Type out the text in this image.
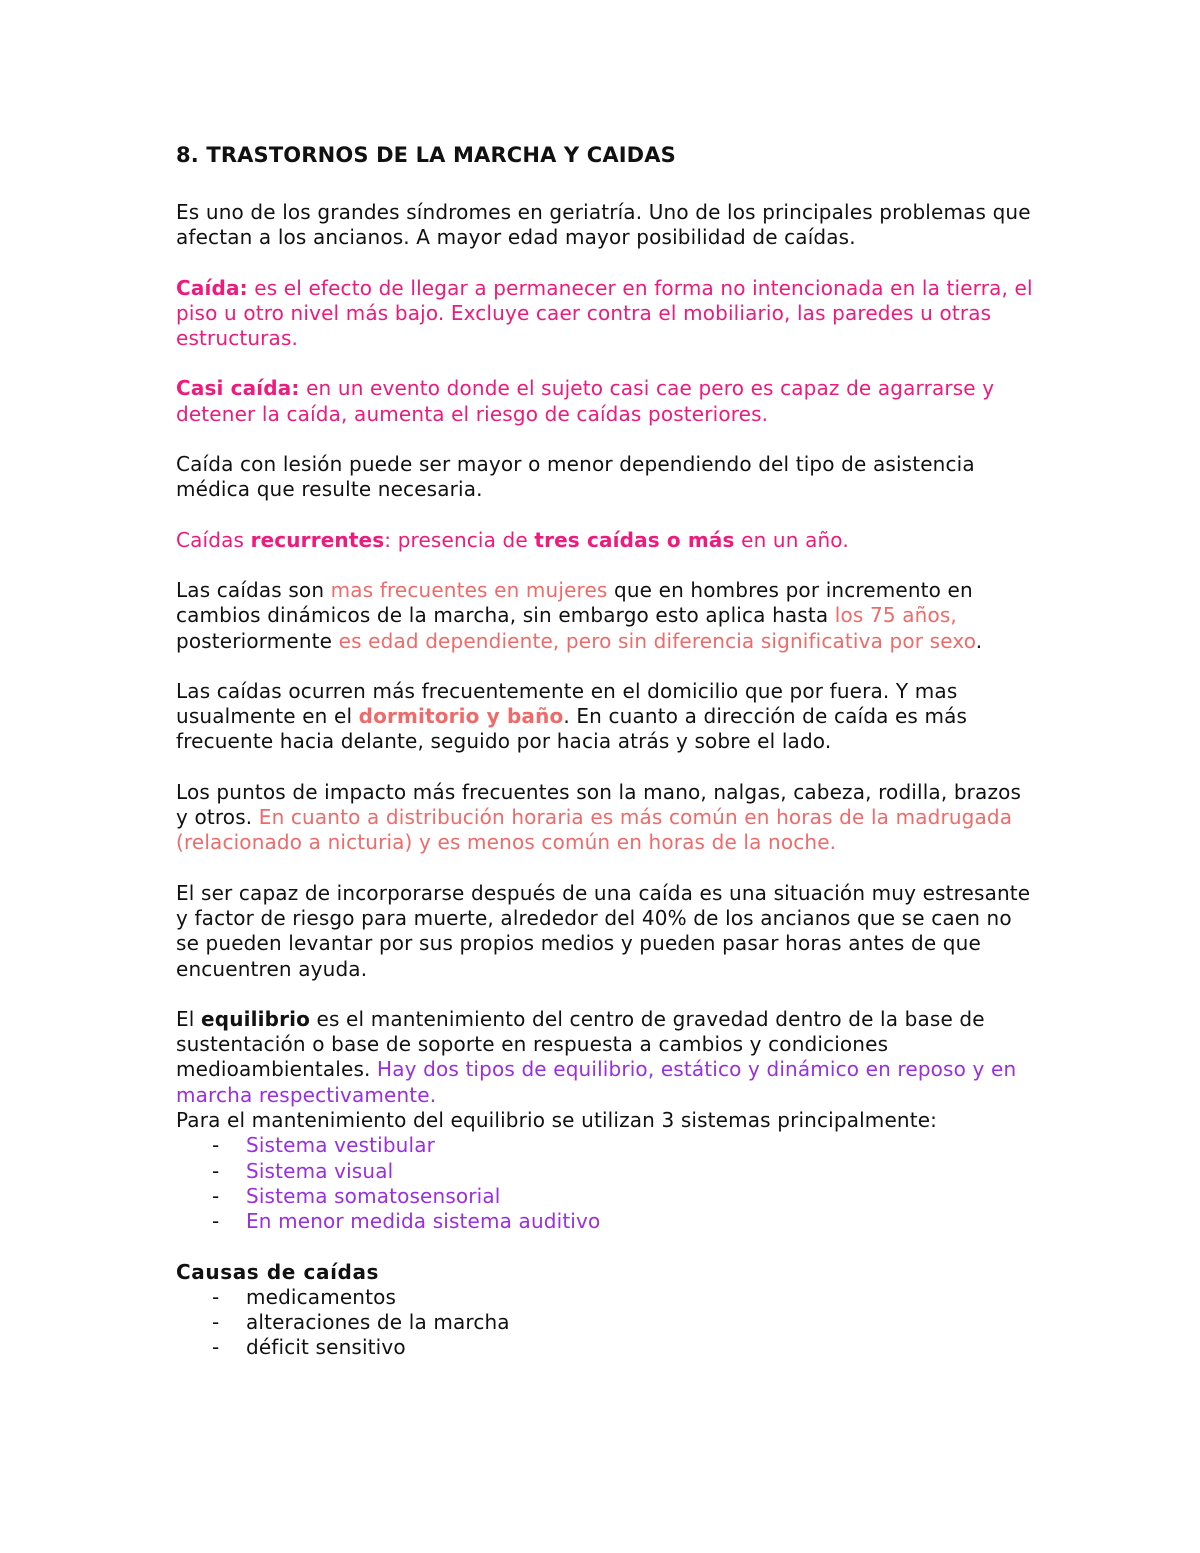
8. TRASTORNOS DE LA MARCHA Y CAIDAS

Es uno de los grandes síndromes en geriatría. Uno de los principales problemas que afectan a los ancianos. A mayor edad mayor posibilidad de caídas.

Caída: es el efecto de llegar a permanecer en forma no intencionada en la tierra, el piso u otro nivel más bajo. Excluye caer contra el mobiliario, las paredes u otras estructuras.

Casi caída: en un evento donde el sujeto casi cae pero es capaz de agarrarse y detener la caída, aumenta el riesgo de caídas posteriores.

Caída con lesión puede ser mayor o menor dependiendo del tipo de asistencia médica que resulte necesaria.

Caídas recurrentes: presencia de tres caídas o más en un año.

Las caídas son mas frecuentes en mujeres que en hombres por incremento en cambios dinámicos de la marcha, sin embargo esto aplica hasta los 75 años, posteriormente es edad dependiente, pero sin diferencia significativa por sexo.

Las caídas ocurren más frecuentemente en el domicilio que por fuera. Y mas usualmente en el dormitorio y baño. En cuanto a dirección de caída es más frecuente hacia delante, seguido por hacia atrás y sobre el lado.

Los puntos de impacto más frecuentes son la mano, nalgas, cabeza, rodilla, brazos y otros. En cuanto a distribución horaria es más común en horas de la madrugada (relacionado a nicturia) y es menos común en horas de la noche.

El ser capaz de incorporarse después de una caída es una situación muy estresante y factor de riesgo para muerte, alrededor del 40% de los ancianos que se caen no se pueden levantar por sus propios medios y pueden pasar horas antes de que encuentren ayuda.

El equilibrio es el mantenimiento del centro de gravedad dentro de la base de sustentación o base de soporte en respuesta a cambios y condiciones medioambientales. Hay dos tipos de equilibrio, estático y dinámico en reposo y en marcha respectivamente.

Para el mantenimiento del equilibrio se utilizan 3 sistemas principalmente:

- Sistema vestibular
- Sistema visual
- Sistema somatosensorial
- En menor medida sistema auditivo
Causas de caídas
- medicamentos
- alteraciones de la marcha
- déficit sensitivo
